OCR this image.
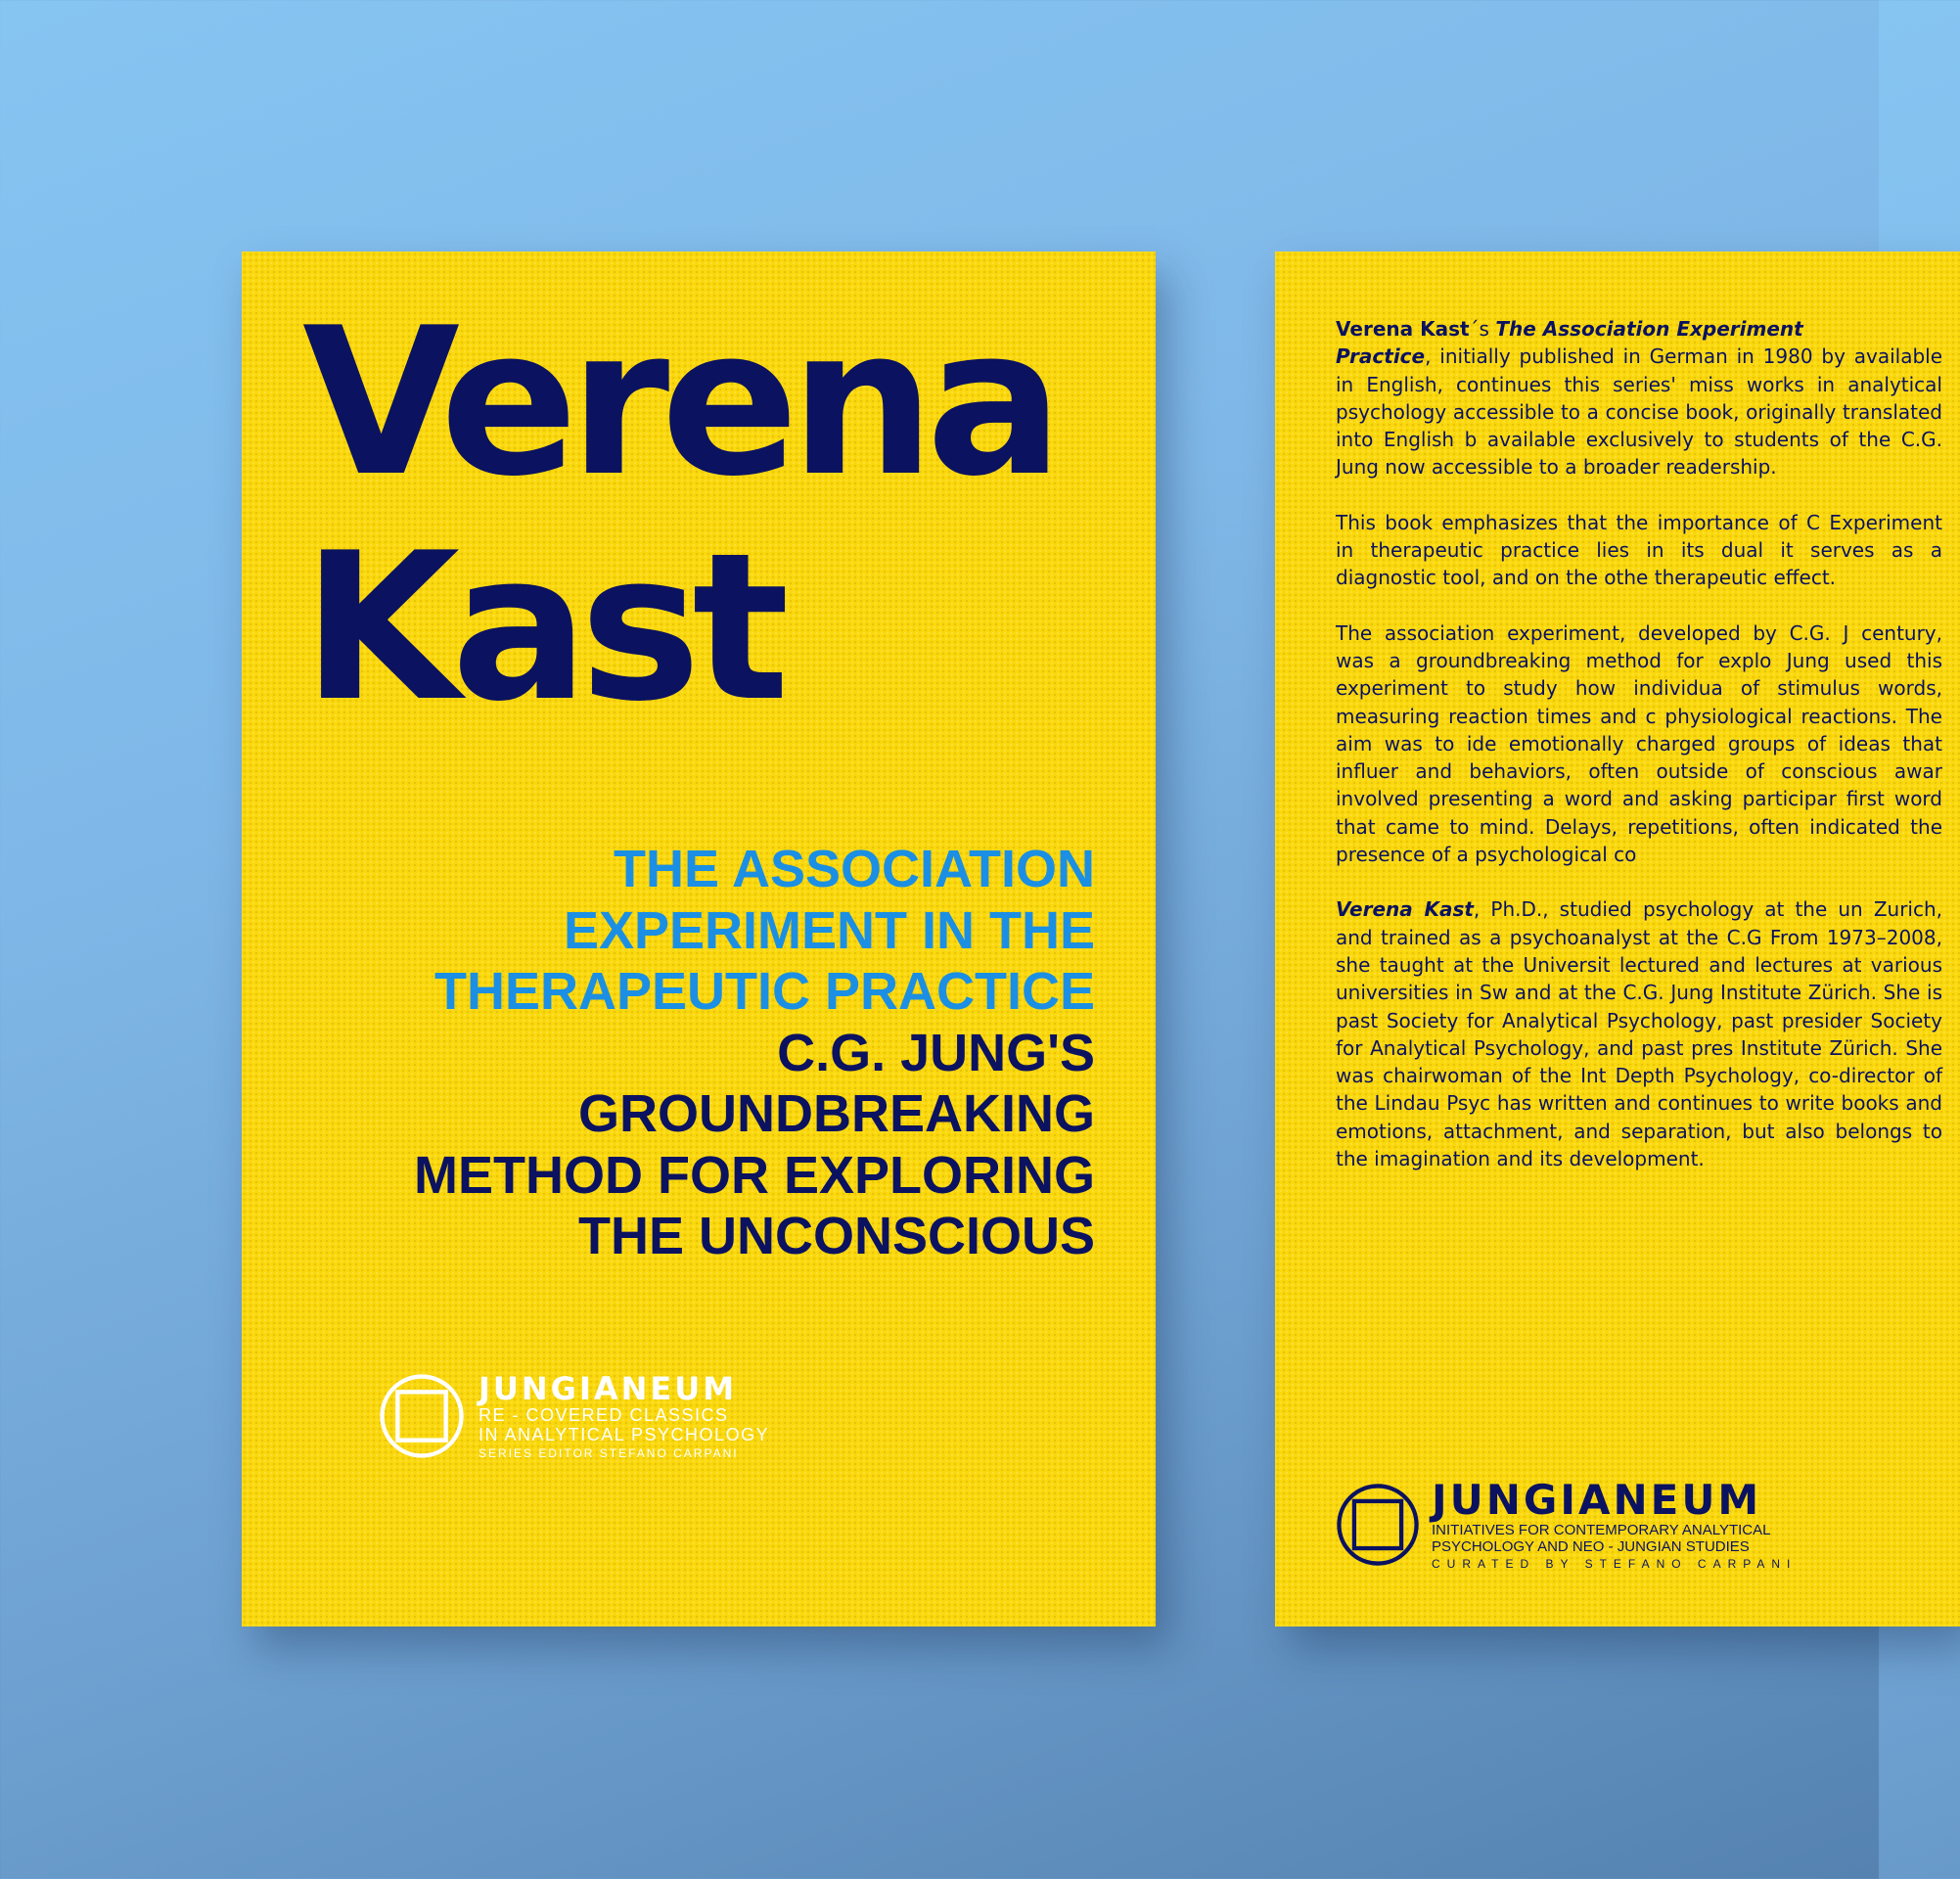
Verena
Kast
THE ASSOCIATION
EXPERIMENT IN THE
THERAPEUTIC PRACTICE
C.G. JUNG'S
GROUNDBREAKING
METHOD FOR EXPLORING
THE UNCONSCIOUS
JUNGIANEUM
RE - COVERED CLASSICS
IN ANALYTICAL PSYCHOLOGY
SERIES EDITOR STEFANO CARPANI

Verena Kast´s The Association Experiment
Practice, initially published in German in 1980 by available in English, continues this series' miss works in analytical psychology accessible to a concise book, originally translated into English b available exclusively to students of the C.G. Jung now accessible to a broader readership.

This book emphasizes that the importance of C Experiment in therapeutic practice lies in its dual it serves as a diagnostic tool, and on the othe therapeutic effect.

The association experiment, developed by C.G. J century, was a groundbreaking method for explo Jung used this experiment to study how individua of stimulus words, measuring reaction times and c physiological reactions. The aim was to ide emotionally charged groups of ideas that influer and behaviors, often outside of conscious awar involved presenting a word and asking participar first word that came to mind. Delays, repetitions, often indicated the presence of a psychological co

Verena Kast, Ph.D., studied psychology at the un Zurich, and trained as a psychoanalyst at the C.G From 1973–2008, she taught at the Universit lectured and lectures at various universities in Sw and at the C.G. Jung Institute Zürich. She is past Society for Analytical Psychology, past presider Society for Analytical Psychology, and past pres Institute Zürich. She was chairwoman of the Int Depth Psychology, co-director of the Lindau Psyc has written and continues to write books and emotions, attachment, and separation, but also belongs to the imagination and its development.

JUNGIANEUM
INITIATIVES FOR CONTEMPORARY ANALYTICAL
PSYCHOLOGY AND NEO - JUNGIAN STUDIES
CURATED BY STEFANO CARPANI
